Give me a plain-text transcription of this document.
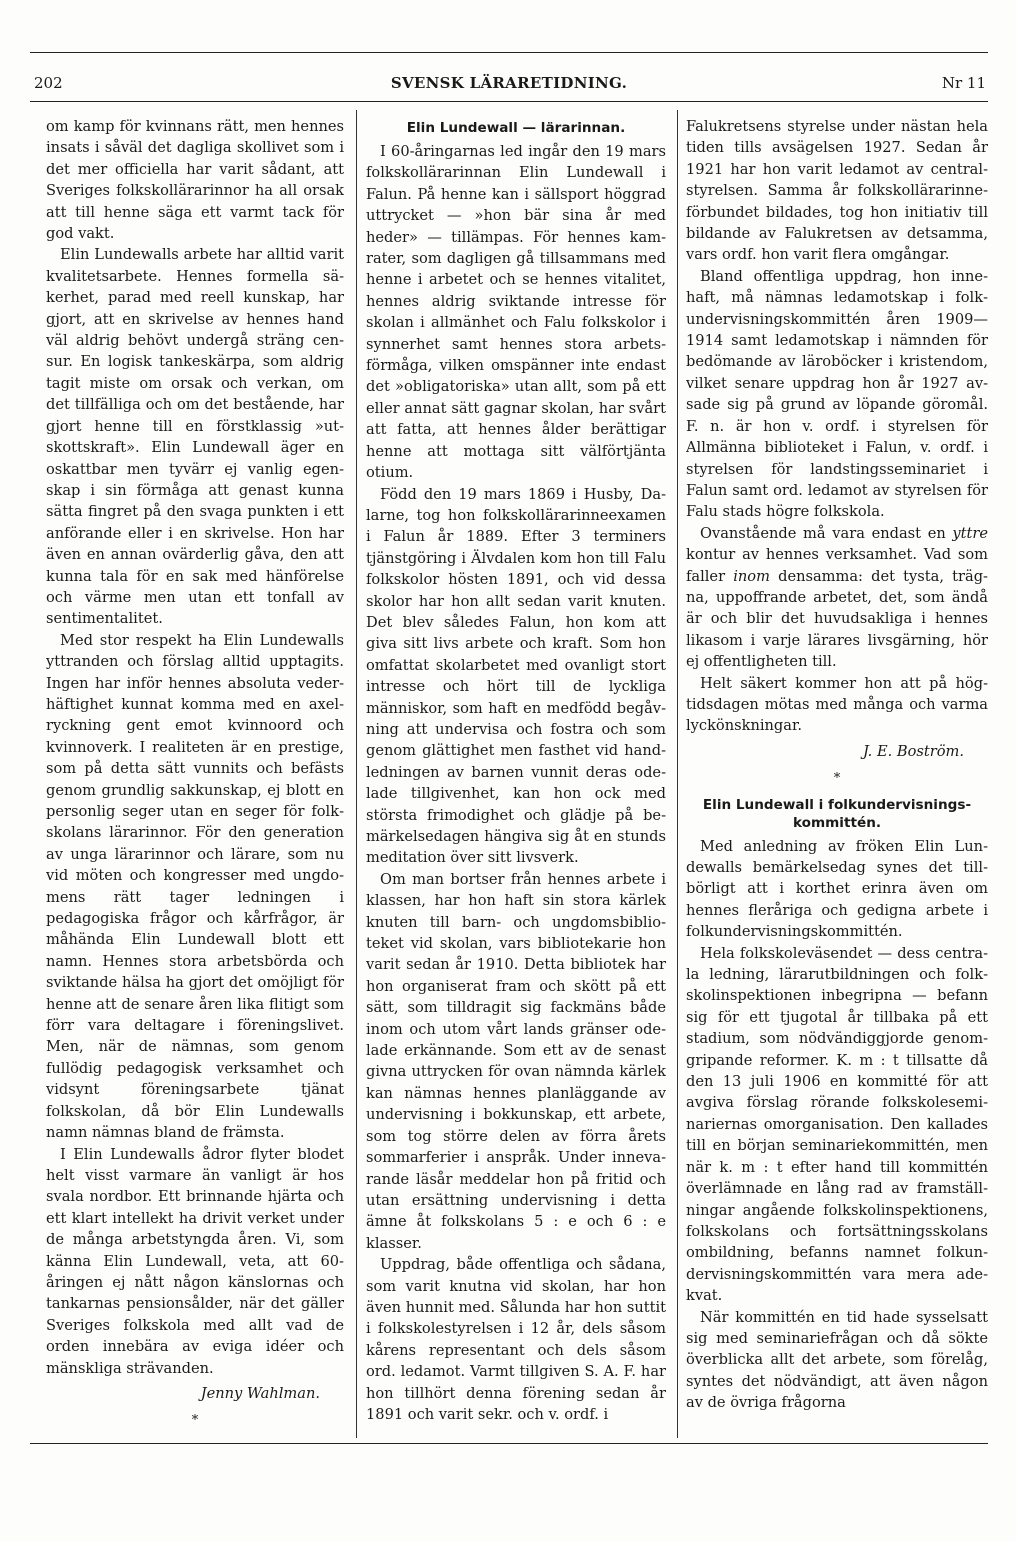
202	SVENSK LÄRARETIDNING.	Nr 11

om kamp för kvinnans rätt, men hennes insats i såväl det dagliga skollivet som i det mer officiella har varit sådant, att Sveriges folkskollärarinnor ha all orsak att till henne säga ett varmt tack för god vakt.

Elin Lundewalls arbete har alltid varit kvalitetsarbete. Hennes formella säkerhet, parad med reell kunskap, har gjort, att en skrivelse av hennes hand väl aldrig behövt undergå sträng censur. En logisk tankeskärpa, som aldrig tagit miste om orsak och verkan, om det tillfälliga och om det bestående, har gjort henne till en förstklassig »utskottskraft». Elin Lundewall äger en oskattbar men tyvärr ej vanlig egenskap i sin förmåga att genast kunna sätta fingret på den svaga punkten i ett anförande eller i en skrivelse. Hon har även en annan ovärderlig gåva, den att kunna tala för en sak med hänförelse och värme men utan ett tonfall av sentimentalitet.

Med stor respekt ha Elin Lundewalls yttranden och förslag alltid upptagits. Ingen har inför hennes absoluta vederhäftighet kunnat komma med en axelryckning gent emot kvinnoord och kvinnoverk. I realiteten är en prestige, som på detta sätt vunnits och befästs genom grundlig sakkunskap, ej blott en personlig seger utan en seger för folkskolans lärarinnor. För den generation av unga lärarinnor och lärare, som nu vid möten och kongresser med ungdomens rätt tager ledningen i pedagogiska frågor och kårfrågor, är måhända Elin Lundewall blott ett namn. Hennes stora arbetsbörda och sviktande hälsa ha gjort det omöjligt för henne att de senare åren lika flitigt som förr vara deltagare i föreningslivet. Men, när de nämnas, som genom fullödig pedagogisk verksamhet och vidsynt föreningsarbete tjänat folkskolan, då bör Elin Lundewalls namn nämnas bland de främsta.

I Elin Lundewalls ådror flyter blodet helt visst varmare än vanligt är hos svala nordbor. Ett brinnande hjärta och ett klart intellekt ha drivit verket under de många arbetstyngda åren. Vi, som känna Elin Lundewall, veta, att 60-åringen ej nått någon känslornas och tankarnas pensionsålder, när det gäller Sveriges folkskola med allt vad de orden innebära av eviga idéer och mänskliga strävanden.

Jenny Wahlman.
*
Elin Lundewall — lärarinnan.

I 60-åringarnas led ingår den 19 mars folkskollärarinnan Elin Lundewall i Falun. På henne kan i sällsport höggrad uttrycket — »hon bär sina år med heder» — tillämpas. För hennes kamrater, som dagligen gå tillsammans med henne i arbetet och se hennes vitalitet, hennes aldrig sviktande intresse för skolan i allmänhet och Falu folkskolor i synnerhet samt hennes stora arbetsförmåga, vilken omspänner inte endast det »obligatoriska» utan allt, som på ett eller annat sätt gagnar skolan, har svårt att fatta, att hennes ålder berättigar henne att mottaga sitt välförtjänta otium.

Född den 19 mars 1869 i Husby, Dalarne, tog hon folkskollärarinneexamen i Falun år 1889. Efter 3 terminers tjänstgöring i Älvdalen kom hon till Falu folkskolor hösten 1891, och vid dessa skolor har hon allt sedan varit knuten. Det blev således Falun, hon kom att giva sitt livs arbete och kraft. Som hon omfattat skolarbetet med ovanligt stort intresse och hört till de lyckliga människor, som haft en medfödd begåvning att undervisa och fostra och som genom glättighet men fasthet vid handledningen av barnen vunnit deras odelade tillgivenhet, kan hon ock med största frimodighet och glädje på bemärkelsedagen hängiva sig åt en stunds meditation över sitt livsverk.

Om man bortser från hennes arbete i klassen, har hon haft sin stora kärlek knuten till barn- och ungdomsbiblioteket vid skolan, vars bibliotekarie hon varit sedan år 1910. Detta bibliotek har hon organiserat fram och skött på ett sätt, som tilldragit sig fackmäns både inom och utom vårt lands gränser odelade erkännande. Som ett av de senast givna uttrycken för ovan nämnda kärlek kan nämnas hennes planläggande av undervisning i bokkunskap, ett arbete, som tog större delen av förra årets sommarferier i anspråk. Under innevarande läsår meddelar hon på fritid och utan ersättning undervisning i detta ämne åt folkskolans 5 : e och 6 : e klasser.

Uppdrag, både offentliga och sådana, som varit knutna vid skolan, har hon även hunnit med. Sålunda har hon suttit i folkskolestyrelsen i 12 år, dels såsom kårens representant och dels såsom ord. ledamot. Varmt tillgiven S. A. F. har hon tillhört denna förening sedan år 1891 och varit sekr. och v. ordf. i

Falukretsens styrelse under nästan hela tiden tills avsägelsen 1927. Sedan år 1921 har hon varit ledamot av centralstyrelsen. Samma år folkskollärarinneförbundet bildades, tog hon initiativ till bildande av Falukretsen av detsamma, vars ordf. hon varit flera omgångar.

Bland offentliga uppdrag, hon innehaft, må nämnas ledamotskap i folkundervisningskommittén åren 1909—1914 samt ledamotskap i nämnden för bedömande av läroböcker i kristendom, vilket senare uppdrag hon år 1927 avsade sig på grund av löpande göromål. F. n. är hon v. ordf. i styrelsen för Allmänna biblioteket i Falun, v. ordf. i styrelsen för landstingsseminariet i Falun samt ord. ledamot av styrelsen för Falu stads högre folkskola.

Ovanstående må vara endast en yttre kontur av hennes verksamhet. Vad som faller inom densamma: det tysta, trägna, uppoffrande arbetet, det, som ändå är och blir det huvudsakliga i hennes likasom i varje lärares livsgärning, hör ej offentligheten till.

Helt säkert kommer hon att på högtidsdagen mötas med många och varma lyckönskningar.

J. E. Boström.
*
Elin Lundewall i folkundervisningskommittén.

Med anledning av fröken Elin Lundewalls bemärkelsedag synes det tillbörligt att i korthet erinra även om hennes fleråriga och gedigna arbete i folkundervisningskommittén.

Hela folkskoleväsendet — dess centrala ledning, lärarutbildningen och folkskolinspektionen inbegripna — befann sig för ett tjugotal år tillbaka på ett stadium, som nödvändiggjorde genomgripande reformer. K. m : t tillsatte då den 13 juli 1906 en kommitté för att avgiva förslag rörande folkskoleseminariernas omorganisation. Den kallades till en början seminariekommittén, men när k. m : t efter hand till kommittén överlämnade en lång rad av framställningar angående folkskolinspektionens, folkskolans och fortsättningsskolans ombildning, befanns namnet folkundervisningskommittén vara mera adekvat.

När kommittén en tid hade sysselsatt sig med seminariefrågan och då sökte överblicka allt det arbete, som förelåg, syntes det nödvändigt, att även någon av de övriga frågorna
